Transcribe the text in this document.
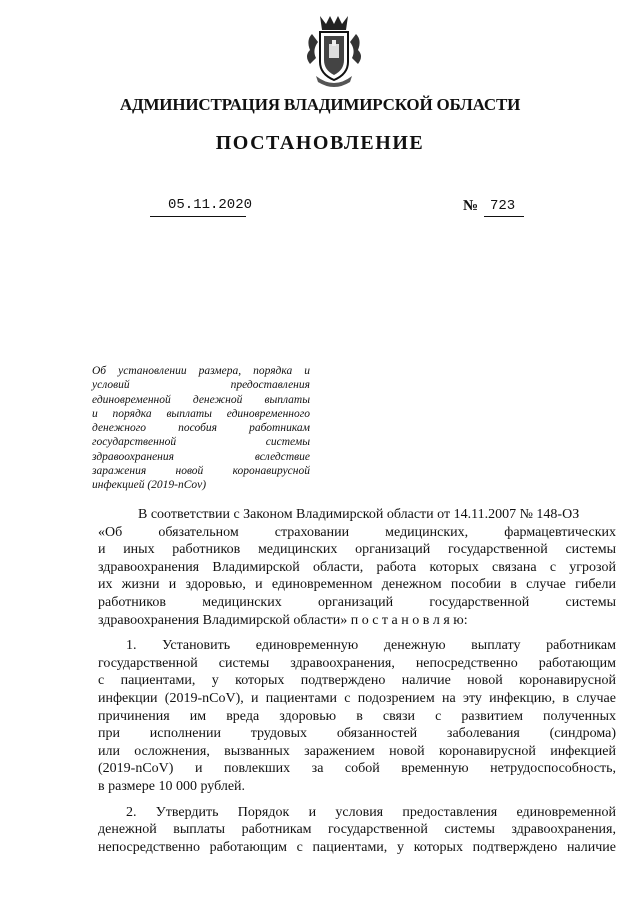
АДМИНИСТРАЦИЯ ВЛАДИМИРСКОЙ ОБЛАСТИ
ПОСТАНОВЛЕНИЕ
05.11.2020	№ 723
Об установлении размера, порядка и
условий предоставления
единовременной денежной выплаты
и порядка выплаты единовременного
денежного пособия работникам
государственной системы
здравоохранения вследствие
заражения новой коронавирусной
инфекцией (2019-nCov)
В соответствии с Законом Владимирской области от 14.11.2007 № 148-ОЗ
«Об обязательном страховании медицинских, фармацевтических
и иных работников медицинских организаций государственной системы
здравоохранения Владимирской области, работа которых связана с угрозой
их жизни и здоровью, и единовременном денежном пособии в случае гибели
работников медицинских организаций государственной системы
здравоохранения Владимирской области» п о с т а н о в л я ю:
1. Установить единовременную денежную выплату работникам
государственной системы здравоохранения, непосредственно работающим
с пациентами, у которых подтверждено наличие новой коронавирусной
инфекции (2019-nCoV), и пациентами с подозрением на эту инфекцию, в случае
причинения им вреда здоровью в связи с развитием полученных
при исполнении трудовых обязанностей заболевания (синдрома)
или осложнения, вызванных заражением новой коронавирусной инфекцией
(2019-nCoV) и повлекших за собой временную нетрудоспособность,
в размере 10 000 рублей.
2. Утвердить Порядок и условия предоставления единовременной
денежной выплаты работникам государственной системы здравоохранения,
непосредственно работающим с пациентами, у которых подтверждено наличие
